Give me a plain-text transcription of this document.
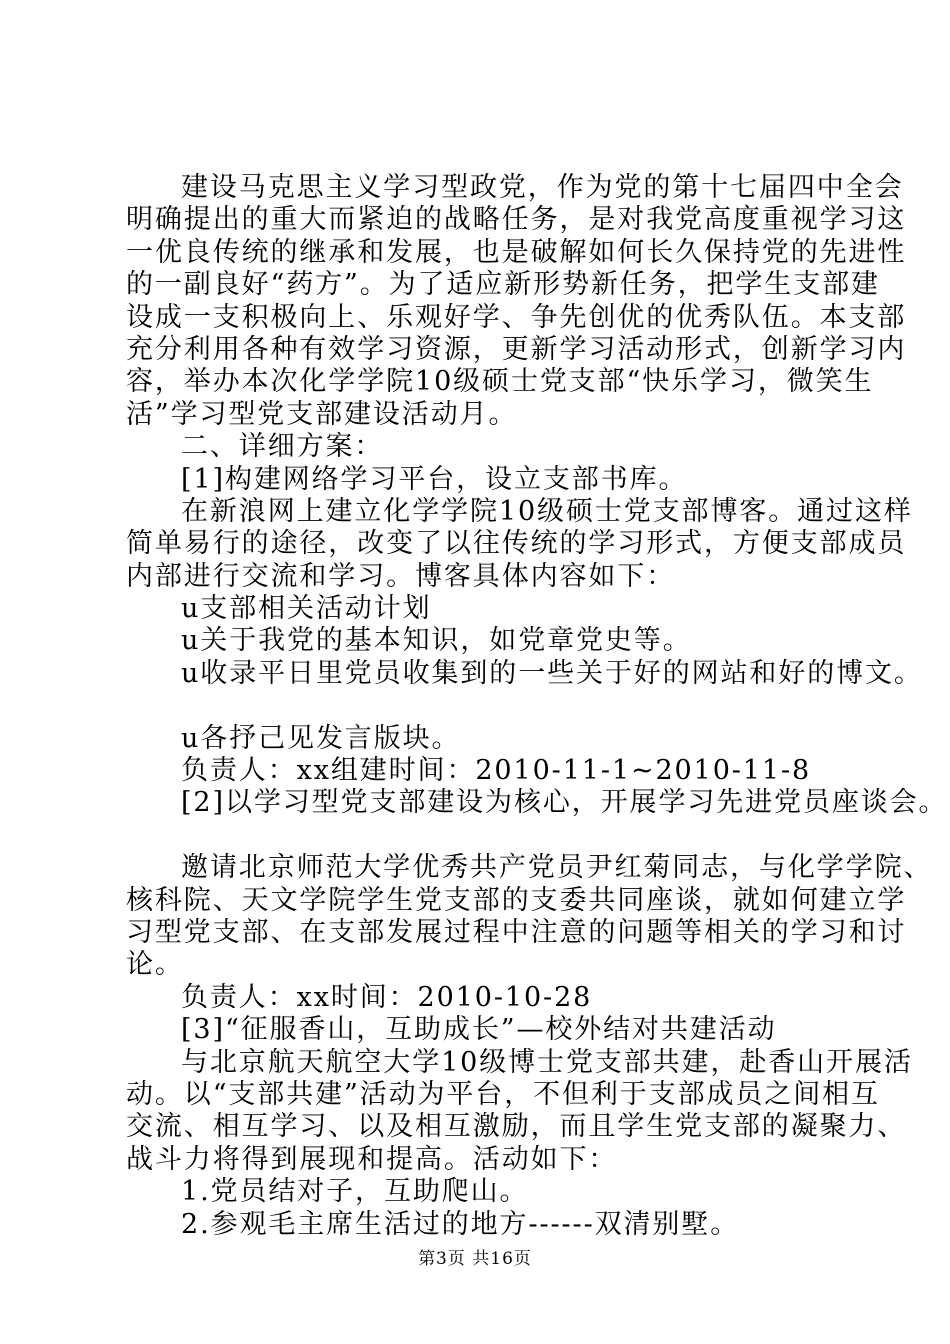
建设马克思主义学习型政党，作为党的第十七届四中全会
明确提出的重大而紧迫的战略任务，是对我党高度重视学习这
一优良传统的继承和发展，也是破解如何长久保持党的先进性
的一副良好“药方”。为了适应新形势新任务，把学生支部建
设成一支积极向上、乐观好学、争先创优的优秀队伍。本支部
充分利用各种有效学习资源，更新学习活动形式，创新学习内
容，举办本次化学学院10级硕士党支部“快乐学习，微笑生
活”学习型党支部建设活动月。
二、详细方案：
[1]构建网络学习平台，设立支部书库。
在新浪网上建立化学学院10级硕士党支部博客。通过这样
简单易行的途径，改变了以往传统的学习形式，方便支部成员
内部进行交流和学习。博客具体内容如下：
u支部相关活动计划
u关于我党的基本知识，如党章党史等。
u收录平日里党员收集到的一些关于好的网站和好的博文。
u各抒己见发言版块。
负责人：xx组建时间：2010-11-1~2010-11-8
[2]以学习型党支部建设为核心，开展学习先进党员座谈会。
邀请北京师范大学优秀共产党员尹红菊同志，与化学学院、
核科院、天文学院学生党支部的支委共同座谈，就如何建立学
习型党支部、在支部发展过程中注意的问题等相关的学习和讨
论。
负责人：xx时间：2010-10-28
[3]“征服香山，互助成长”—校外结对共建活动
与北京航天航空大学10级博士党支部共建，赴香山开展活
动。以“支部共建”活动为平台，不但利于支部成员之间相互
交流、相互学习、以及相互激励，而且学生党支部的凝聚力、
战斗力将得到展现和提高。活动如下：
1.党员结对子，互助爬山。
2.参观毛主席生活过的地方------双清别墅。
第3页 共16页
